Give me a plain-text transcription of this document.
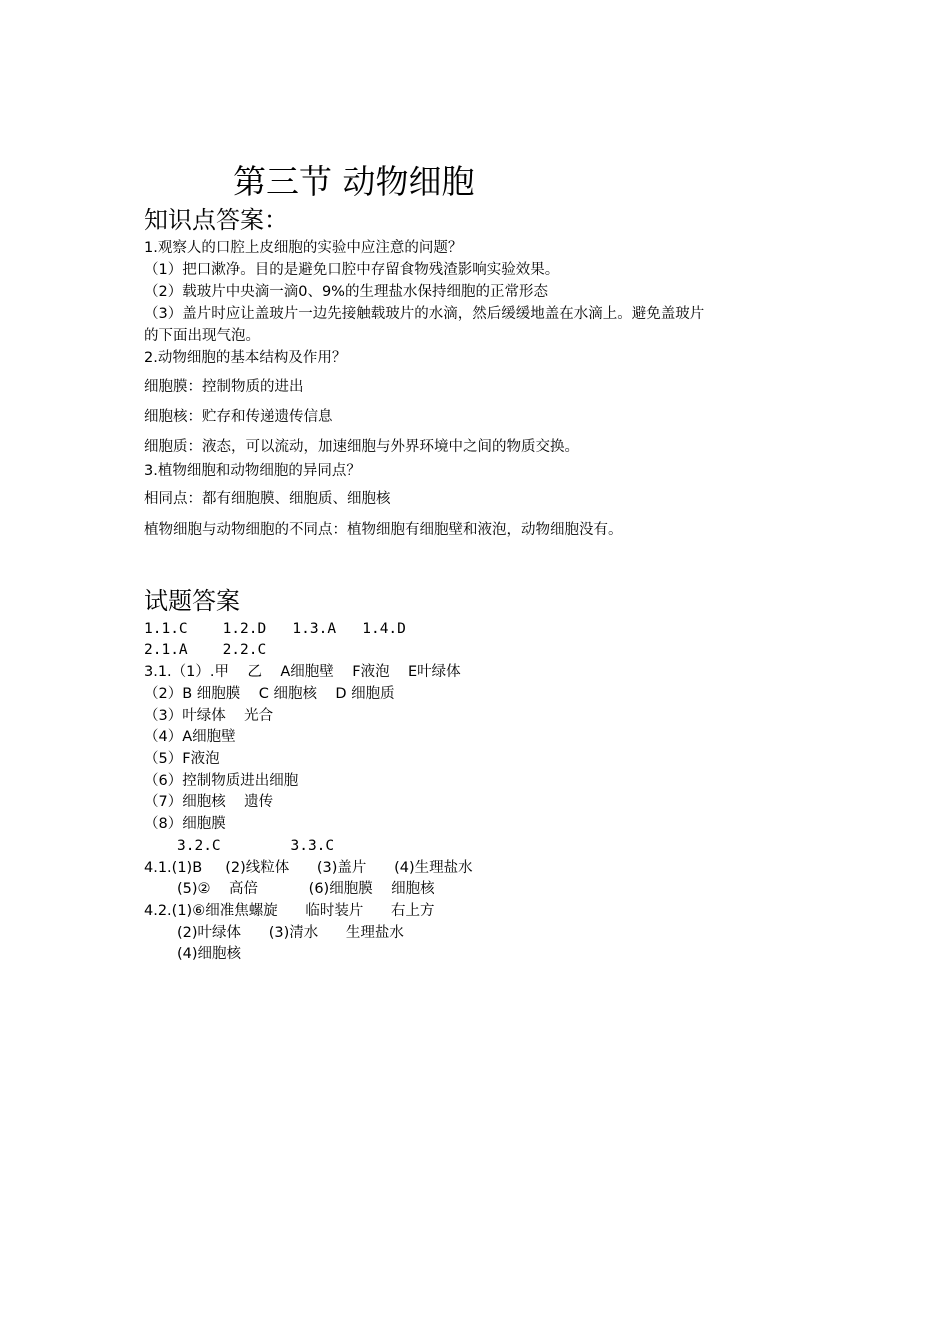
第三节 动物细胞
知识点答案：
1.观察人的口腔上皮细胞的实验中应注意的问题？
（1）把口漱净。目的是避免口腔中存留食物残渣影响实验效果。
（2）载玻片中央滴一滴0、9%的生理盐水保持细胞的正常形态
（3）盖片时应让盖玻片一边先接触载玻片的水滴，然后缓缓地盖在水滴上。避免盖玻片
的下面出现气泡。
2.动物细胞的基本结构及作用？
细胞膜：控制物质的进出
细胞核：贮存和传递遗传信息
细胞质：液态，可以流动，加速细胞与外界环境中之间的物质交换。
3.植物细胞和动物细胞的异同点？
相同点：都有细胞膜、细胞质、细胞核
植物细胞与动物细胞的不同点：植物细胞有细胞壁和液泡，动物细胞没有。
试题答案
1.1.C    1.2.D   1.3.A   1.4.D
2.1.A    2.2.C
3.1.（1）.甲    乙    A细胞壁    F液泡    E叶绿体
（2）B 细胞膜    C 细胞核    D 细胞质
（3）叶绿体    光合
（4）A细胞壁
（5）F液泡
（6）控制物质进出细胞
（7）细胞核    遗传
（8）细胞膜
3.2.C        3.3.C
4.1.(1)B     (2)线粒体      (3)盖片      (4)生理盐水
(5)②    高倍           (6)细胞膜    细胞核
4.2.(1)⑥细准焦螺旋      临时装片      右上方
(2)叶绿体      (3)清水      生理盐水
(4)细胞核
